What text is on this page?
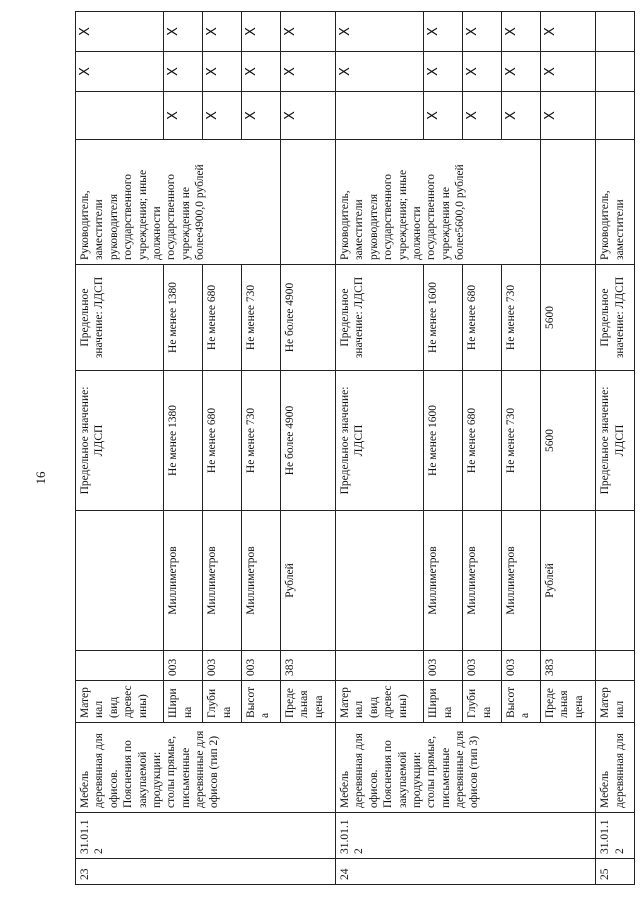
16
23	31.01.12	Мебель деревянная для офисов. Пояснения по закупаемой продукции: столы прямые, письменные деревянные для офисов (тип 2)	Материал (вид древесины)			Предельное значение: ЛДСП	Предельное значение: ЛДСП	Руководитель, заместители руководителя государственного учреждения; иные должности государственного учреждения не более4900,0 рублей		X	X
			Ширина	003	Миллиметров	Не менее 1380	Не менее 1380		X	X	X
			Глубина	003	Миллиметров	Не менее 680	Не менее 680		X	X	X
			Высота	003	Миллиметров	Не менее 730	Не менее 730		X	X	X
			Предельная цена	383	Рублей	Не более 4900	Не более 4900		X	X	X
24	31.01.12	Мебель деревянная для офисов. Пояснения по закупаемой продукции: столы прямые, письменные деревянные для офисов (тип 3)	Материал (вид древесины)			Предельное значение: ЛДСП	Предельное значение: ЛДСП	Руководитель, заместители руководителя государственного учреждения; иные должности государственного учреждения не более5600,0 рублей		X	X
			Ширина	003	Миллиметров	Не менее 1600	Не менее 1600		X	X	X
			Глубина	003	Миллиметров	Не менее 680	Не менее 680		X	X	X
			Высота	003	Миллиметров	Не менее 730	Не менее 730		X	X	X
			Предельная цена	383	Рублей	5600	5600		X	X	X
25	31.01.12	Мебель деревянная для	Материал			Предельное значение: ЛДСП	Предельное значение: ЛДСП	Руководитель, заместители			
